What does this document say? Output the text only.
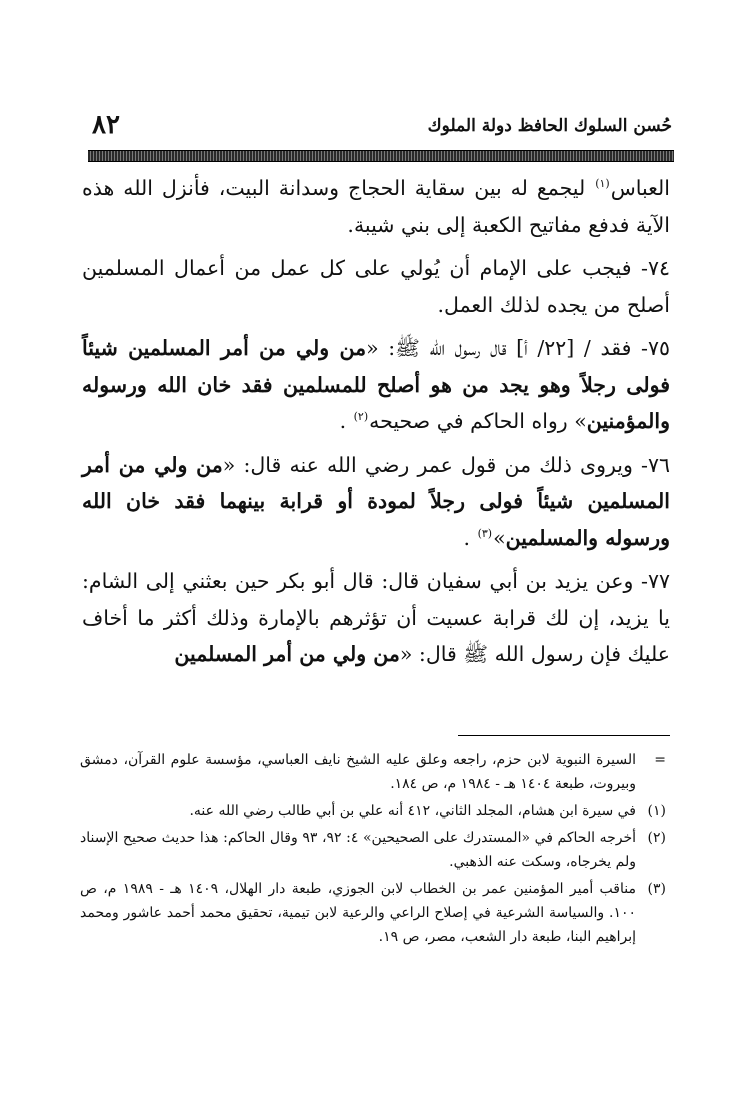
حُسن السلوك الحافظ دولة الملوك
٨٢

العباس$^{(١)}$ ليجمع له بين سقاية الحجاج وسدانة البيت، فأنزل الله هذه الآية فدفع مفاتيح الكعبة إلى بني شيبة.

٧٤- فيجب على الإمام أن يُولي على كل عمل من أعمال المسلمين أصلح من يجده لذلك العمل.

٧٥- فقد / [٢٢/ أ] قال رسول الله ﷺ: «من ولي من أمر المسلمين شيئاً فولى رجلاً وهو يجد من هو أصلح للمسلمين فقد خان الله ورسوله والمؤمنين» رواه الحاكم في صحيحه$^{(٢)}$ .

٧٦- ويروى ذلك من قول عمر رضي الله عنه قال: «من ولي من أمر المسلمين شيئاً فولى رجلاً لمودة أو قرابة بينهما فقد خان الله ورسوله والمسلمين»$^{(٣)}$ .

٧٧- وعن يزيد بن أبي سفيان قال: قال أبو بكر حين بعثني إلى الشام: يا يزيد، إن لك قرابة عسيت أن تؤثرهم بالإمارة وذلك أكثر ما أخاف عليك فإن رسول الله ﷺ قال: «من ولي من أمر المسلمين

=
السيرة النبوية لابن حزم، راجعه وعلق عليه الشيخ نايف العباسي، مؤسسة علوم القرآن، دمشق وبيروت، طبعة ١٤٠٤ هـ - ١٩٨٤ م، ص ١٨٤.
(١)
في سيرة ابن هشام، المجلد الثاني، ٤١٢ أنه علي بن أبي طالب رضي الله عنه.
(٢)
أخرجه الحاكم في «المستدرك على الصحيحين» ٤: ٩٢، ٩٣ وقال الحاكم: هذا حديث صحيح الإسناد ولم يخرجاه، وسكت عنه الذهبي.
(٣)
مناقب أمير المؤمنين عمر بن الخطاب لابن الجوزي، طبعة دار الهلال، ١٤٠٩ هـ - ١٩٨٩ م، ص ١٠٠. والسياسة الشرعية في إصلاح الراعي والرعية لابن تيمية، تحقيق محمد أحمد عاشور ومحمد إبراهيم البنا، طبعة دار الشعب، مصر، ص ١٩.
